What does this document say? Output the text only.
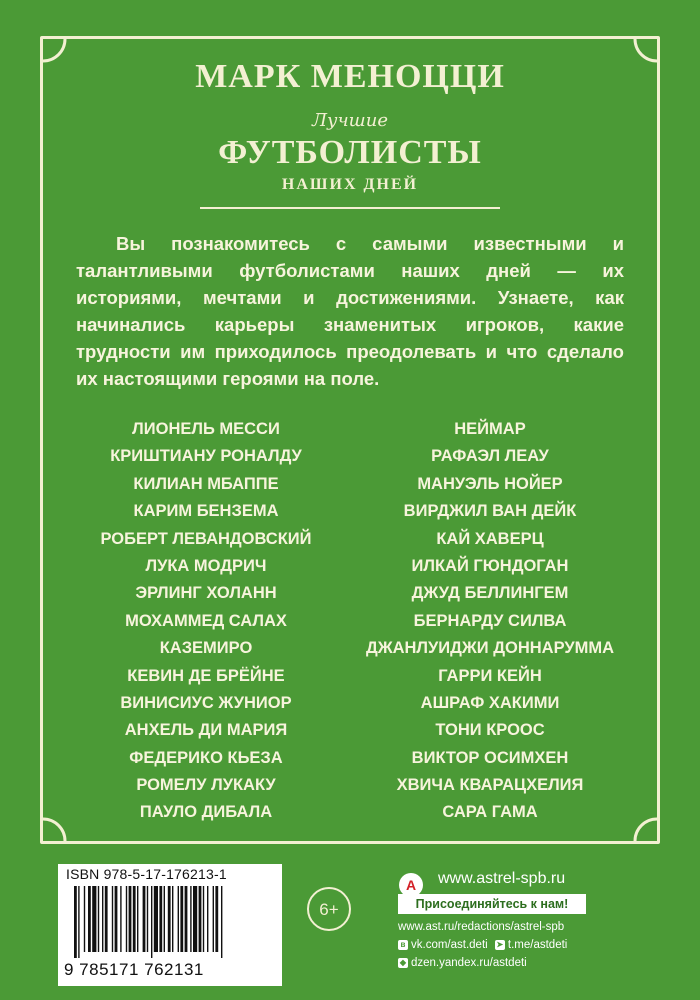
МАРК МЕНОЦЦИ
Лучшие
ФУТБОЛИСТЫ
НАШИХ ДНЕЙ

Вы познакомитесь с самыми известными и талантливыми футболистами наших дней — их историями, мечтами и достижениями. Узнаете, как начинались карьеры знаменитых игроков, какие трудности им приходилось преодолевать и что сделало их настоящими героями на поле.

ЛИОНЕЛЬ МЕССИ
КРИШТИАНУ РОНАЛДУ
КИЛИАН МБАППЕ
КАРИМ БЕНЗЕМА
РОБЕРТ ЛЕВАНДОВСКИЙ
ЛУКА МОДРИЧ
ЭРЛИНГ ХОЛАНН
МОХАММЕД САЛАХ
КАЗЕМИРО
КЕВИН ДЕ БРЁЙНЕ
ВИНИСИУС ЖУНИОР
АНХЕЛЬ ДИ МАРИЯ
ФЕДЕРИКО КЬЕЗА
РОМЕЛУ ЛУКАКУ
ПАУЛО ДИБАЛА
НЕЙМАР
РАФАЭЛ ЛЕАУ
МАНУЭЛЬ НОЙЕР
ВИРДЖИЛ ВАН ДЕЙК
КАЙ ХАВЕРЦ
ИЛКАЙ ГЮНДОГАН
ДЖУД БЕЛЛИНГЕМ
БЕРНАРДУ СИЛВА
ДЖАНЛУИДЖИ ДОННАРУММА
ГАРРИ КЕЙН
АШРАФ ХАКИМИ
ТОНИ КРООС
ВИКТОР ОСИМХЕН
ХВИЧА КВАРАЦХЕЛИЯ
САРА ГАМА
ISBN 978-5-17-176213-1
9 785171 762131
6+
А www.astrel-spb.ru
Присоединяйтесь к нам!
www.ast.ru/redactions/astrel-spb
в vk.com/ast.deti ➤ t.me/astdeti
◆ dzen.yandex.ru/astdeti
